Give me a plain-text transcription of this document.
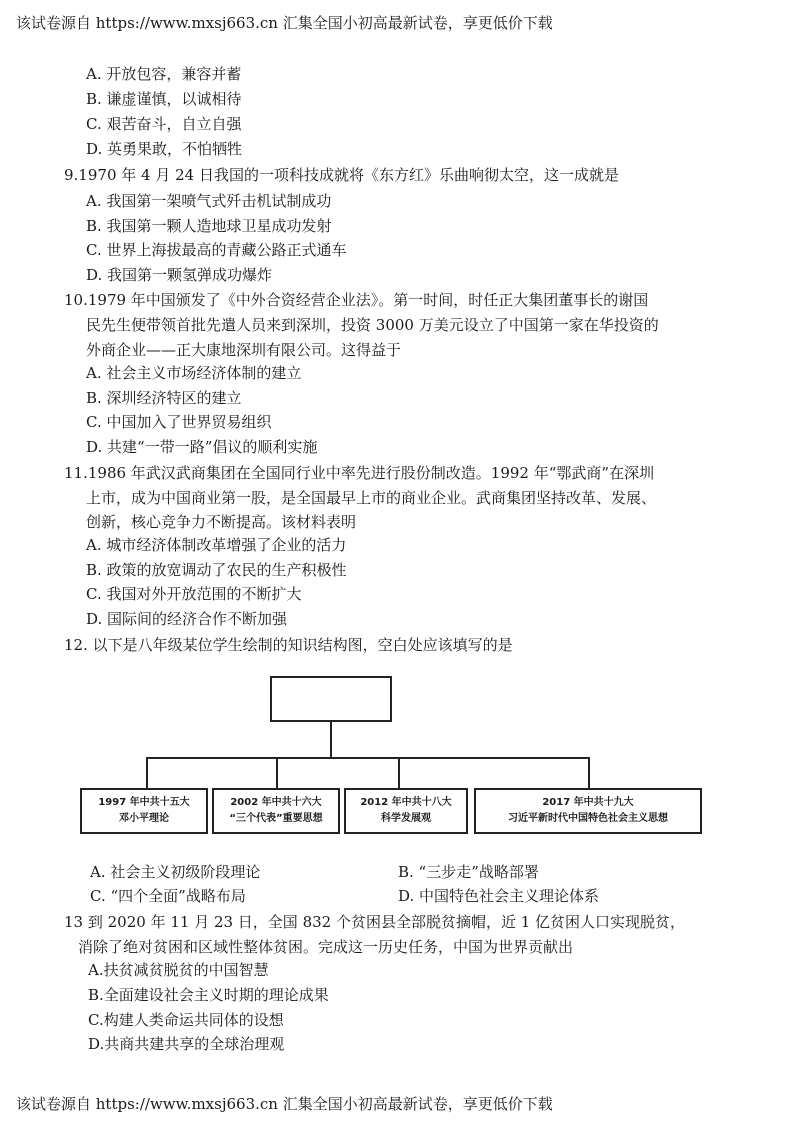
该试卷源自 https://www.mxsj663.cn 汇集全国小初高最新试卷，享更低价下载
A. 开放包容，兼容并蓄
B. 谦虚谨慎，以诚相待
C. 艰苦奋斗，自立自强
D. 英勇果敢，不怕牺牲
9.1970 年 4 月 24 日我国的一项科技成就将《东方红》乐曲响彻太空，这一成就是
A. 我国第一架喷气式歼击机试制成功
B. 我国第一颗人造地球卫星成功发射
C. 世界上海拔最高的青藏公路正式通车
D. 我国第一颗氢弹成功爆炸
10.1979 年中国颁发了《中外合资经营企业法》。第一时间，时任正大集团董事长的谢国
民先生便带领首批先遣人员来到深圳，投资 3000 万美元设立了中国第一家在华投资的
外商企业——正大康地深圳有限公司。这得益于
A. 社会主义市场经济体制的建立
B. 深圳经济特区的建立
C. 中国加入了世界贸易组织
D. 共建“一带一路”倡议的顺利实施
11.1986 年武汉武商集团在全国同行业中率先进行股份制改造。1992 年“鄂武商”在深圳
上市，成为中国商业第一股，是全国最早上市的商业企业。武商集团坚持改革、发展、
创新，核心竞争力不断提高。该材料表明
A. 城市经济体制改革增强了企业的活力
B. 政策的放宽调动了农民的生产积极性
C. 我国对外开放范围的不断扩大
D. 国际间的经济合作不断加强
12. 以下是八年级某位学生绘制的知识结构图，空白处应该填写的是
1997 年中共十五大
邓小平理论
2002 年中共十六大
“三个代表”重要思想
2012 年中共十八大
科学发展观
2017 年中共十九大
习近平新时代中国特色社会主义思想
A. 社会主义初级阶段理论	B. “三步走”战略部署
C. “四个全面”战略布局	D. 中国特色社会主义理论体系
13 到 2020 年 11 月 23 日，全国 832 个贫困县全部脱贫摘帽，近 1 亿贫困人口实现脱贫，
消除了绝对贫困和区域性整体贫困。完成这一历史任务，中国为世界贡献出
A.扶贫减贫脱贫的中国智慧
B.全面建设社会主义时期的理论成果
C.构建人类命运共同体的设想
D.共商共建共享的全球治理观
该试卷源自 https://www.mxsj663.cn 汇集全国小初高最新试卷，享更低价下载
